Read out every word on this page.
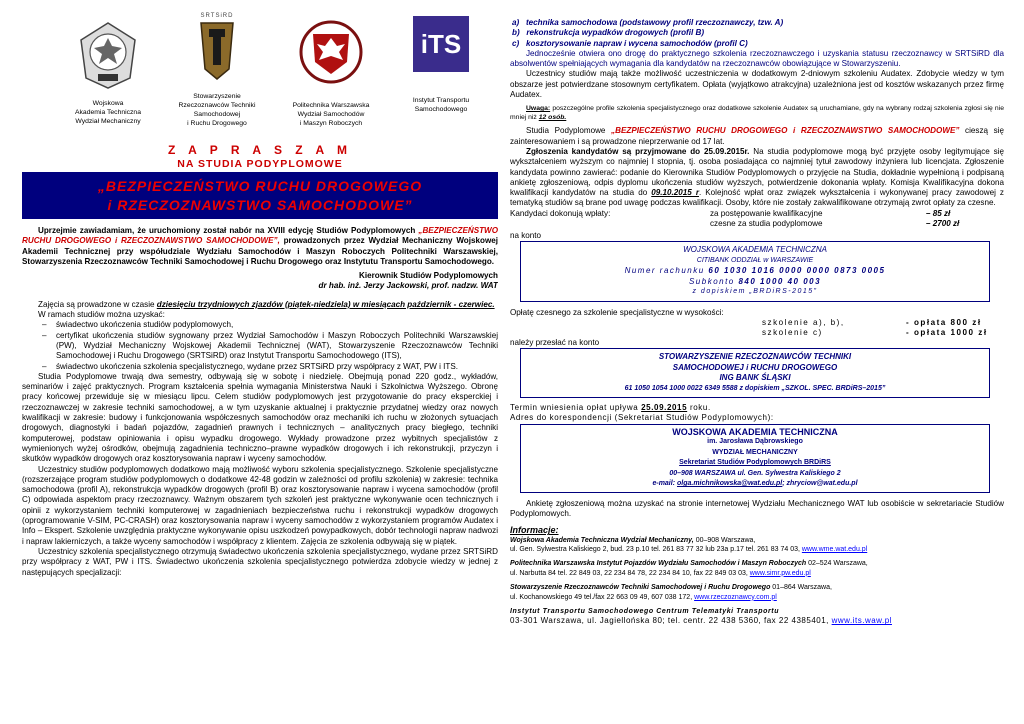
Wojskowa
Akademia Techniczna
Wydział Mechaniczny
SRTSiRD
Stowarzyszenie
Rzeczoznawców Techniki
Samochodowej
i Ruchu Drogowego
Politechnika Warszawska
Wydział Samochodów
i Maszyn Roboczych
iTS
Instytut Transportu
Samochodowego
Z A P R A S Z A M
NA STUDIA PODYPLOMOWE
„BEZPIECZEŃSTWO RUCHU DROGOWEGO
i RZECZOZNAWSTWO SAMOCHODOWE”

Uprzejmie zawiadamiam, że uruchomiony został nabór na XVIII edycję Studiów Podyplomowych „BEZPIECZEŃSTWO RUCHU DROGOWEGO i RZECZOZNAWSTWO SAMOCHODOWE”, prowadzonych przez Wydział Mechaniczny Wojskowej Akademii Technicznej przy współudziale Wydziału Samochodów i Maszyn Roboczych Politechniki Warszawskiej, Stowarzyszenia Rzeczoznawców Techniki Samochodowej i Ruchu Drogowego oraz Instytutu Transportu Samochodowego.

Kierownik Studiów Podyplomowych

dr hab. inż. Jerzy Jackowski, prof. nadzw. WAT

Zajęcia są prowadzone w czasie dziesięciu trzydniowych zjazdów (piątek-niedziela) w miesiącach październik - czerwiec.

W ramach studiów można uzyskać:

– świadectwo ukończenia studiów podyplomowych,
– certyfikat ukończenia studiów sygnowany przez Wydział Samochodów i Maszyn Roboczych Politechniki Warszawskiej (PW), Wydział Mechaniczny Wojskowej Akademii Technicznej (WAT), Stowarzyszenie Rzeczoznawców Techniki Samochodowej i Ruchu Drogowego (SRTSiRD) oraz Instytut Transportu Samochodowego (ITS),
– świadectwo ukończenia szkolenia specjalistycznego, wydane przez SRTSiRD przy współpracy z WAT, PW i ITS.

Studia Podyplomowe trwają dwa semestry, odbywają się w sobotę i niedzielę. Obejmują ponad 220 godz., wykładów, seminariów i zajęć praktycznych. Program kształcenia spełnia wymagania Ministerstwa Nauki i Szkolnictwa Wyższego. Obronę pracy końcowej przewiduje się w miesiącu lipcu. Celem studiów podyplomowych jest przygotowanie do pracy eksperckiej i rzeczoznawczej w zakresie techniki samochodowej, a w tym uzyskanie aktualnej i praktycznie przydatnej wiedzy oraz nowych kwalifikacji w zakresie: budowy i funkcjonowania współczesnych samochodów oraz mechaniki ich ruchu w złożonych sytuacjach drogowych, diagnostyki i badań pojazdów, zagadnień prawnych i technicznych – analitycznych pracy biegłego, techniki komputerowej, podstaw opiniowania i opisu wypadku drogowego. Wykłady prowadzone przez wybitnych specjalistów z wymienionych wyżej ośrodków, obejmują zagadnienia techniczno–prawne wypadków drogowych i ich rekonstrukcji, przyczyn i skutków wypadków drogowych oraz kosztorysowania napraw i wyceny samochodów.

Uczestnicy studiów podyplomowych dodatkowo mają możliwość wyboru szkolenia specjalistycznego. Szkolenie specjalistyczne (rozszerzające program studiów podyplomowych o dodatkowe 42-48 godzin w zależności od profilu szkolenia) w zakresie: technika samochodowa (profil A), rekonstrukcja wypadków drogowych (profil B) oraz kosztorysowanie napraw i wycena samochodów (profil C) odpowiada aspektom pracy rzeczoznawcy. Ważnym obszarem tych szkoleń jest praktyczne wykonywanie ocen technicznych i opinii z wykorzystaniem techniki komputerowej w zagadnieniach bezpieczeństwa ruchu i rekonstrukcji wypadków drogowych (oprogramowanie V-SIM, PC-CRASH) oraz kosztorysowania napraw i wyceny samochodów z wykorzystaniem programów Audatex i Info – Ekspert. Szkolenie uwzględnia praktyczne wykonywanie opisu uszkodzeń powypadkowych, dobór technologii napraw nadwozi i napraw lakierniczych, a także wyceny samochodów i współpracy z klientem. Zajęcia ze szkolenia odbywają się w piątek.

Uczestnicy szkolenia specjalistycznego otrzymują świadectwo ukończenia szkolenia specjalistycznego, wydane przez SRTSiRD przy współpracy z WAT, PW i ITS. Świadectwo ukończenia szkolenia specjalistycznego potwierdza zdobycie wiedzy w jednej z następujących specjalizacji:

a)   technika samochodowa (podstawowy profil rzeczoznawczy, tzw. A)
b)   rekonstrukcja wypadków drogowych (profil B)
c)   kosztorysowanie napraw i wycena samochodów (profil C)

Jednocześnie otwiera ono drogę do praktycznego szkolenia rzeczoznawczego i uzyskania statusu rzeczoznawcy w SRTSiRD dla absolwentów spełniających wymagania dla kandydatów na rzeczoznawców obowiązujące w Stowarzyszeniu.

Uczestnicy studiów mają także możliwość uczestniczenia w dodatkowym 2-dniowym szkoleniu Audatex. Zdobycie wiedzy w tym obszarze jest potwierdzane stosownym certyfikatem. Opłata (wyjątkowo atrakcyjna) uzależniona jest od kosztów wskazanych przez firmę Audatex.

Uwaga: poszczególne profile szkolenia specjalistycznego oraz dodatkowe szkolenie Audatex są uruchamiane, gdy na wybrany rodzaj szkolenia zgłosi się nie mniej niż 12 osób.

Studia Podyplomowe „BEZPIECZEŃSTWO RUCHU DROGOWEGO i RZECZOZNAWSTWO SAMOCHODOWE” cieszą się zainteresowaniem i są prowadzone nieprzerwanie od 17 lat.

Zgłoszenia kandydatów są przyjmowane do 25.09.2015r. Na studia podyplomowe mogą być przyjęte osoby legitymujące się wykształceniem wyższym co najmniej I stopnia, tj. osoba posiadająca co najmniej tytuł zawodowy inżyniera lub licencjata. Zgłoszenie kandydata powinno zawierać: podanie do Kierownika Studiów Podyplomowych o przyjęcie na Studia, dokładnie wypełnioną i podpisaną ankietę zgłoszeniową, odpis dyplomu ukończenia studiów wyższych, potwierdzenie dokonania wpłaty. Komisja Kwalifikacyjna dokona kwalifikacji kandydatów na studia do 09.10.2015 r. Kolejność wpłat oraz związek wykształcenia i wykonywanej pracy zawodowej z tematyką studiów są brane pod uwagę podczas kwalifikacji. Osoby, które nie zostały zakwalifikowane otrzymają zwrot opłaty za czesne.

Kandydaci dokonują wpłaty:	za postępowanie kwalifikacyjne	– 85 zł
czesne za studia podyplomowe	– 2700 zł
na konto
WOJSKOWA AKADEMIA TECHNICZNA
CITIBANK ODDZIAŁ w WARSZAWIE
Numer rachunku 60 1030 1016 0000 0000 0873 0005
Subkonto 840 1000 40 003
z dopiskiem „BRDiRS-2015”

Opłatę czesnego za szkolenie specjalistyczne w wysokości:

szkolenie a), b),	- opłata 800 zł
szkolenie c)	- opłata 1000 zł
należy przesłać na konto
STOWARZYSZENIE RZECZOZNAWCÓW TECHNIKI
SAMOCHODOWEJ i RUCHU DROGOWEGO
ING BANK ŚLĄSKI
61 1050 1054 1000 0022 6349 5588 z dopiskiem „SZKOL. SPEC. BRDiRS–2015”

Termin wniesienia opłat upływa 25.09.2015 roku.

Adres do korespondencji (Sekretariat Studiów Podyplomowych):

WOJSKOWA AKADEMIA TECHNICZNA
im. Jarosława Dąbrowskiego
WYDZIAŁ MECHANICZNY
Sekretariat Studiów Podyplomowych BRDiRS
00–908 WARSZAWA ul. Gen. Sylwestra Kaliskiego 2
e-mail: olga.michnikowska@wat.edu.pl; zhryciow@wat.edu.pl

Ankietę zgłoszeniową można uzyskać na stronie internetowej Wydziału Mechanicznego WAT lub osobiście w sekretariacie Studiów Podyplomowych.

Informacje:

Wojskowa Akademia Techniczna Wydział Mechaniczny, 00–908 Warszawa,
ul. Gen. Sylwestra Kaliskiego 2, bud. 23 p.10 tel. 261 83 77 32 lub 23a p.17 tel. 261 83 74 03, www.wme.wat.edu.pl
Politechnika Warszawska Instytut Pojazdów Wydziału Samochodów i Maszyn Roboczych 02–524 Warszawa,
ul. Narbutta 84 tel. 22 849 03, 22 234 84 78, 22 234 84 10, fax 22 849 03 03, www.simr.pw.edu.pl
Stowarzyszenie Rzeczoznawców Techniki Samochodowej i Ruchu Drogowego 01–864 Warszawa,
ul. Kochanowskiego 49 tel./fax 22 663 09 49, 607 038 172, www.rzeczoznawcy.com.pl
Instytut Transportu Samochodowego Centrum Telematyki Transportu
03-301 Warszawa, ul. Jagiellońska 80; tel. centr. 22 438 5360, fax 22 4385401, www.its.waw.pl
